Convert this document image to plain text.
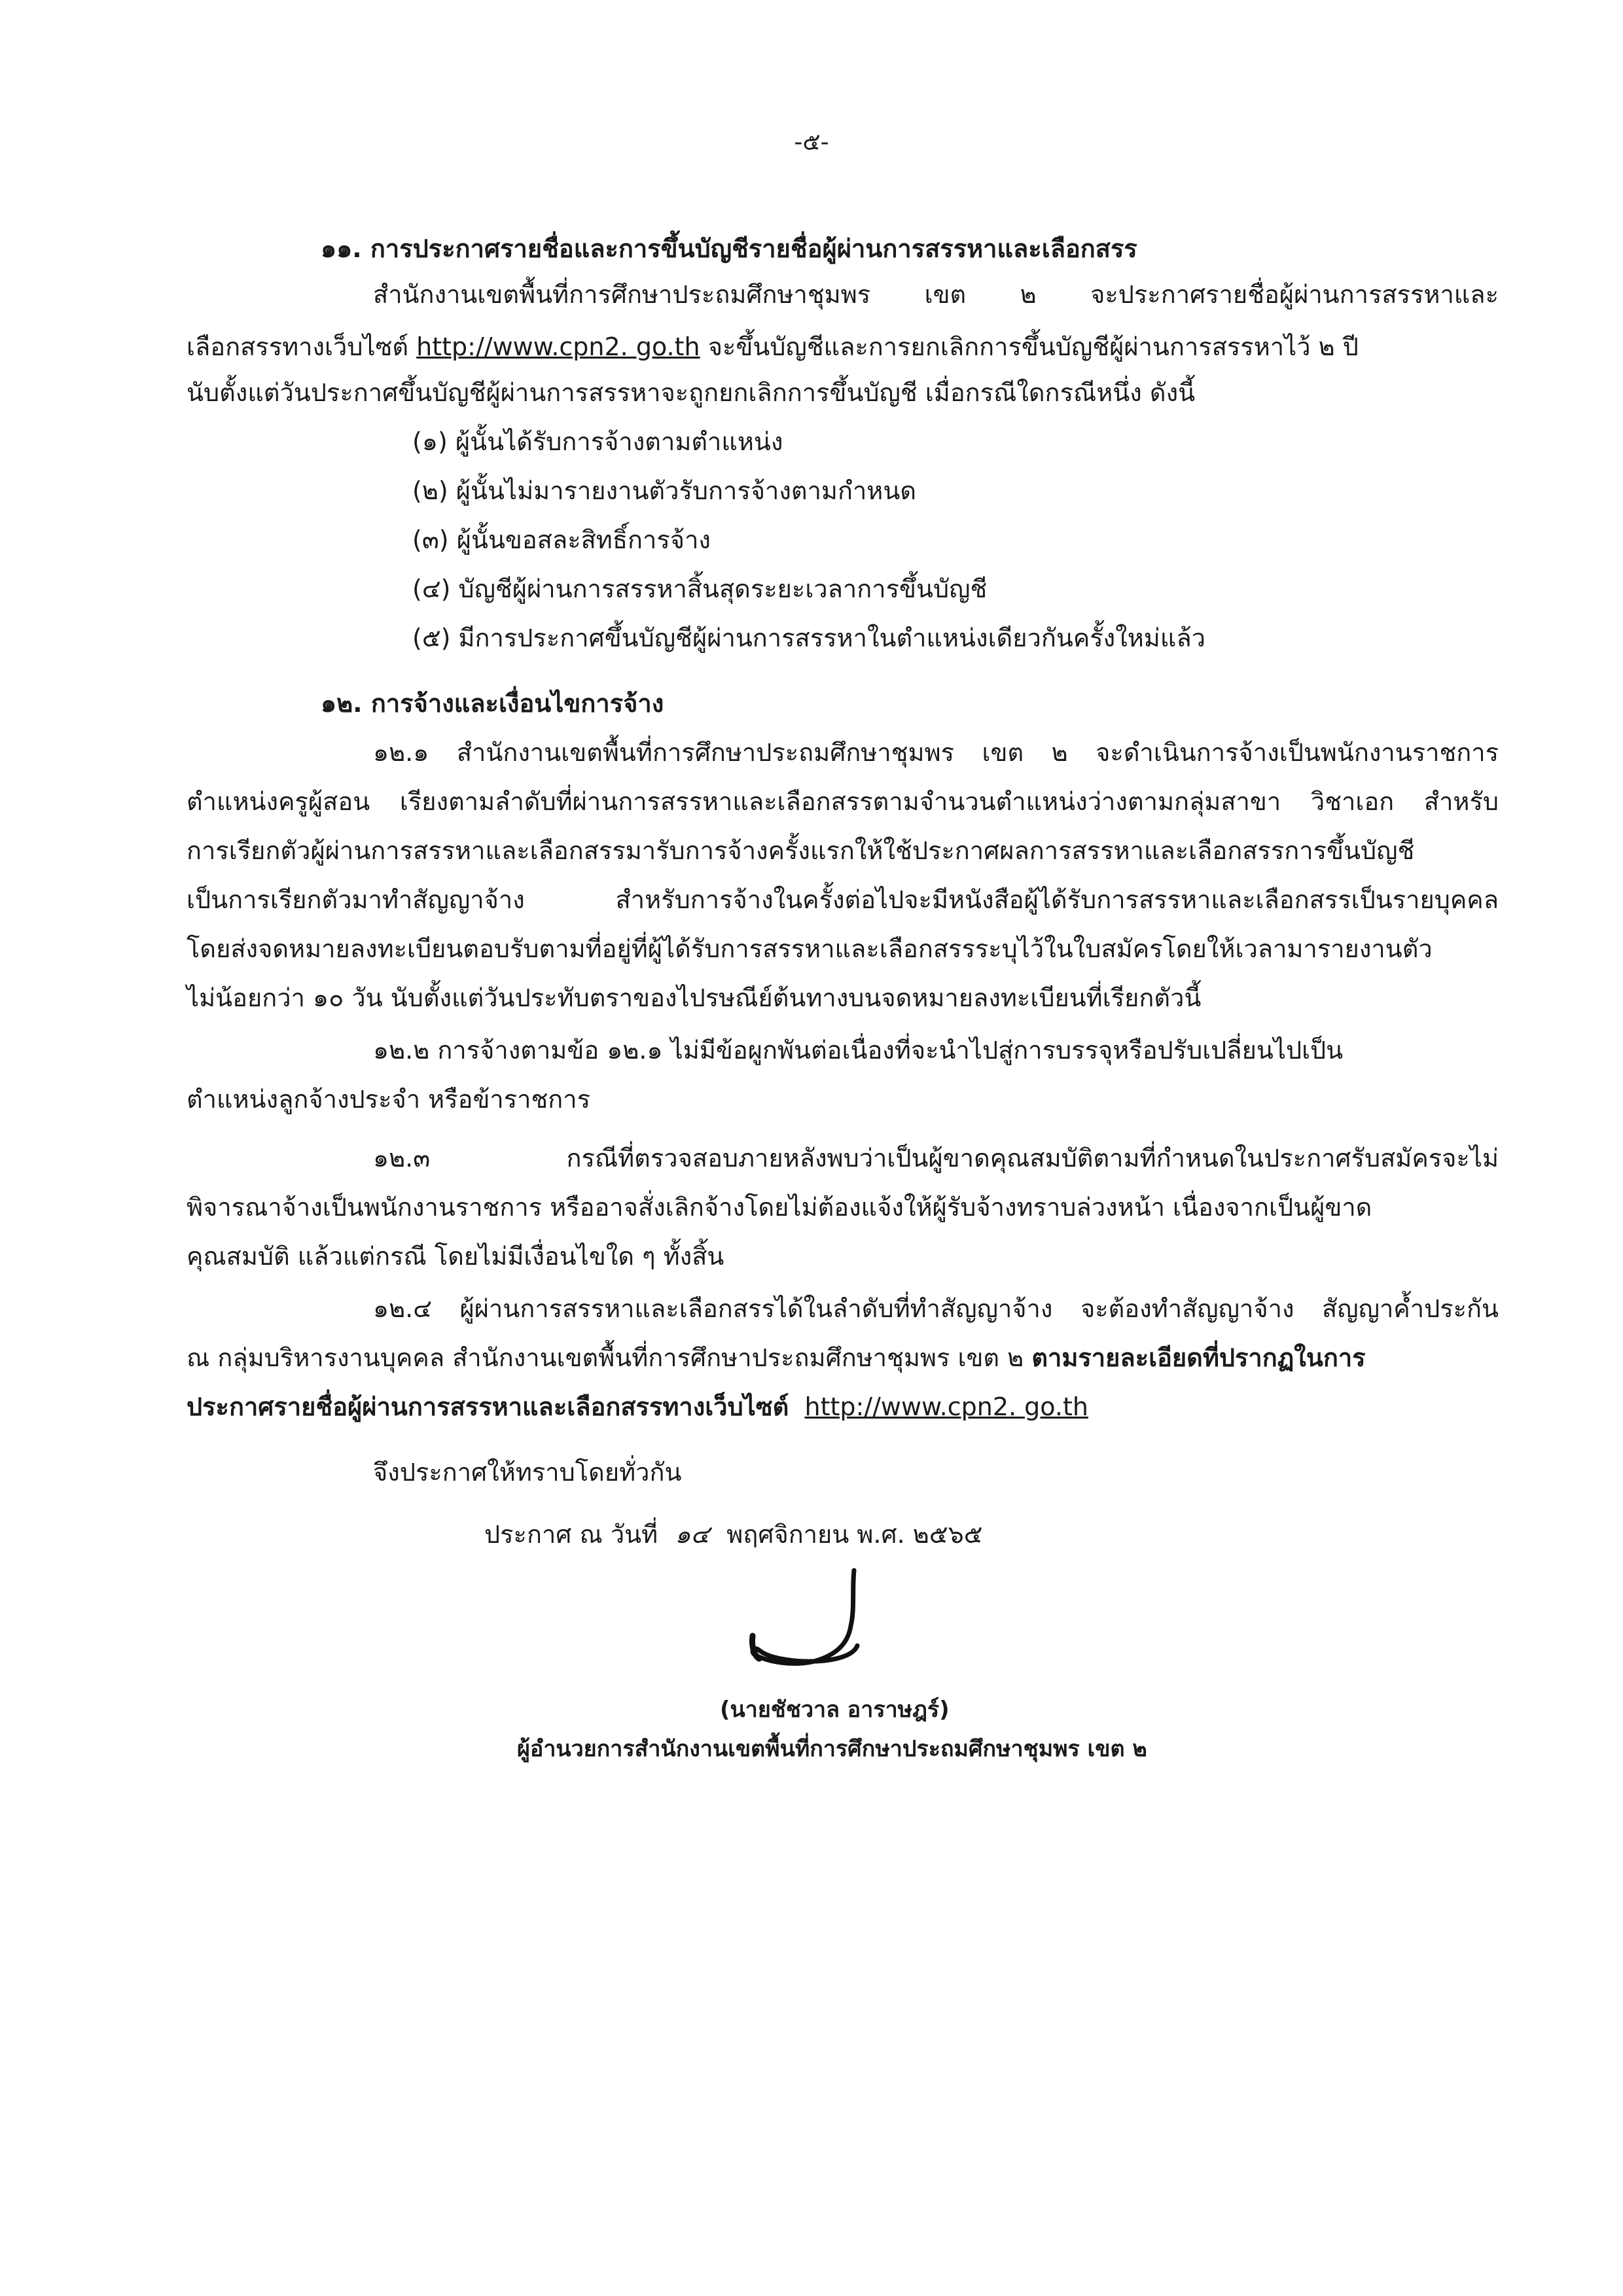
-๕-
๑๑. การประกาศรายชื่อและการขึ้นบัญชีรายชื่อผู้ผ่านการสรรหาและเลือกสรร
สำนักงานเขตพื้นที่การศึกษาประถมศึกษาชุมพร เขต ๒ จะประกาศรายชื่อผู้ผ่านการสรรหาและ
เลือกสรรทางเว็บไซต์ http://www.cpn2. go.th จะขึ้นบัญชีและการยกเลิกการขึ้นบัญชีผู้ผ่านการสรรหาไว้ ๒ ปี
นับตั้งแต่วันประกาศขึ้นบัญชีผู้ผ่านการสรรหาจะถูกยกเลิกการขึ้นบัญชี เมื่อกรณีใดกรณีหนึ่ง ดังนี้
(๑) ผู้นั้นได้รับการจ้างตามตำแหน่ง
(๒) ผู้นั้นไม่มารายงานตัวรับการจ้างตามกำหนด
(๓) ผู้นั้นขอสละสิทธิ์การจ้าง
(๔) บัญชีผู้ผ่านการสรรหาสิ้นสุดระยะเวลาการขึ้นบัญชี
(๕) มีการประกาศขึ้นบัญชีผู้ผ่านการสรรหาในตำแหน่งเดียวกันครั้งใหม่แล้ว
๑๒. การจ้างและเงื่อนไขการจ้าง
๑๒.๑ สำนักงานเขตพื้นที่การศึกษาประถมศึกษาชุมพร เขต ๒ จะดำเนินการจ้างเป็นพนักงานราชการ
ตำแหน่งครูผู้สอน เรียงตามลำดับที่ผ่านการสรรหาและเลือกสรรตามจำนวนตำแหน่งว่างตามกลุ่มสาขา วิชาเอก สำหรับ
การเรียกตัวผู้ผ่านการสรรหาและเลือกสรรมารับการจ้างครั้งแรกให้ใช้ประกาศผลการสรรหาและเลือกสรรการขึ้นบัญชี
เป็นการเรียกตัวมาทำสัญญาจ้าง สำหรับการจ้างในครั้งต่อไปจะมีหนังสือผู้ได้รับการสรรหาและเลือกสรรเป็นรายบุคคล
โดยส่งจดหมายลงทะเบียนตอบรับตามที่อยู่ที่ผู้ได้รับการสรรหาและเลือกสรรระบุไว้ในใบสมัครโดยให้เวลามารายงานตัว
ไม่น้อยกว่า ๑๐ วัน นับตั้งแต่วันประทับตราของไปรษณีย์ต้นทางบนจดหมายลงทะเบียนที่เรียกตัวนี้
๑๒.๒ การจ้างตามข้อ ๑๒.๑ ไม่มีข้อผูกพันต่อเนื่องที่จะนำไปสู่การบรรจุหรือปรับเปลี่ยนไปเป็น
ตำแหน่งลูกจ้างประจำ หรือข้าราชการ
๑๒.๓ กรณีที่ตรวจสอบภายหลังพบว่าเป็นผู้ขาดคุณสมบัติตามที่กำหนดในประกาศรับสมัครจะไม่
พิจารณาจ้างเป็นพนักงานราชการ หรืออาจสั่งเลิกจ้างโดยไม่ต้องแจ้งให้ผู้รับจ้างทราบล่วงหน้า เนื่องจากเป็นผู้ขาด
คุณสมบัติ แล้วแต่กรณี โดยไม่มีเงื่อนไขใด ๆ ทั้งสิ้น
๑๒.๔ ผู้ผ่านการสรรหาและเลือกสรรได้ในลำดับที่ทำสัญญาจ้าง จะต้องทำสัญญาจ้าง สัญญาค้ำประกัน
ณ กลุ่มบริหารงานบุคคล สำนักงานเขตพื้นที่การศึกษาประถมศึกษาชุมพร เขต ๒ ตามรายละเอียดที่ปรากฏในการ
ประกาศรายชื่อผู้ผ่านการสรรหาและเลือกสรรทางเว็บไซต์ http://www.cpn2. go.th
จึงประกาศให้ทราบโดยทั่วกัน
ประกาศ ณ วันที่ ๑๔ พฤศจิกายน พ.ศ. ๒๕๖๕
(นายชัชวาล อาราษฎร์)
ผู้อำนวยการสำนักงานเขตพื้นที่การศึกษาประถมศึกษาชุมพร เขต ๒
